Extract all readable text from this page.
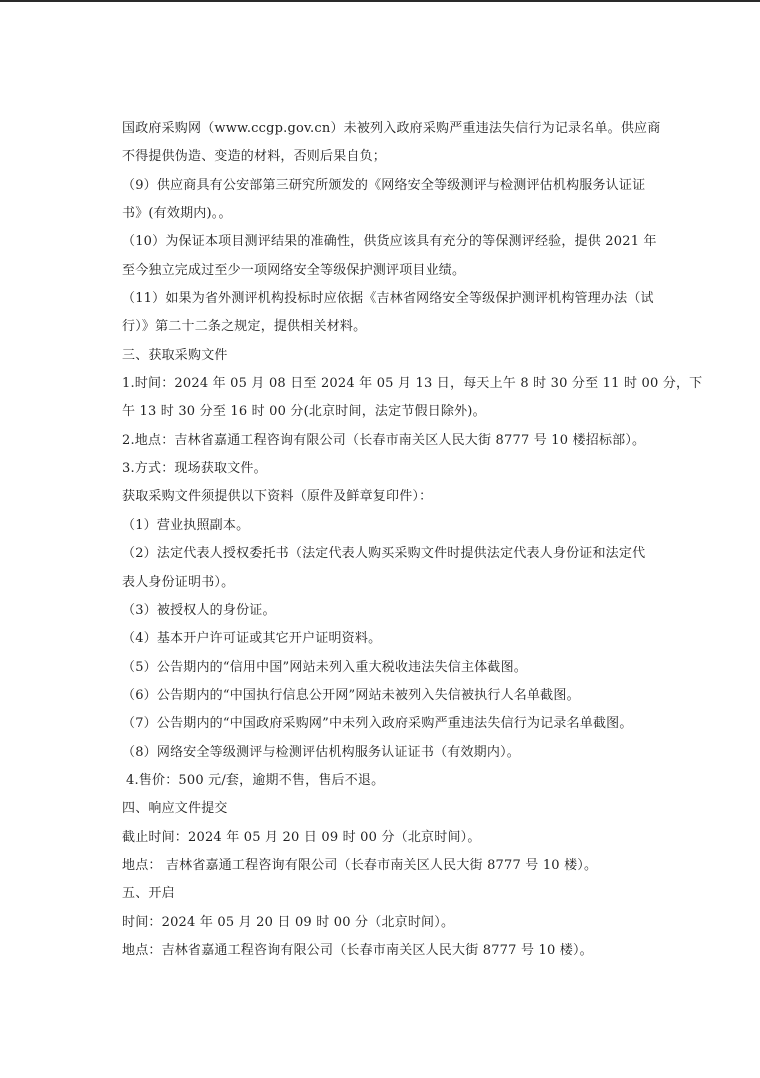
国政府采购网（www.ccgp.gov.cn）未被列入政府采购严重违法失信行为记录名单。供应商
不得提供伪造、变造的材料，否则后果自负；
（9）供应商具有公安部第三研究所颁发的《网络安全等级测评与检测评估机构服务认证证
书》(有效期内)。。
（10）为保证本项目测评结果的准确性，供货应该具有充分的等保测评经验，提供 2021 年
至今独立完成过至少一项网络安全等级保护测评项目业绩。
（11）如果为省外测评机构投标时应依据《吉林省网络安全等级保护测评机构管理办法（试
行）》第二十二条之规定，提供相关材料。
三、获取采购文件
1.时间：2024 年 05 月 08 日至 2024 年 05 月 13 日，每天上午 8 时 30 分至 11 时 00 分，下
午 13 时 30 分至 16 时 00 分(北京时间，法定节假日除外)。
2.地点：吉林省嘉通工程咨询有限公司（长春市南关区人民大街 8777 号 10 楼招标部）。
3.方式：现场获取文件。
获取采购文件须提供以下资料（原件及鲜章复印件）：
（1）营业执照副本。
（2）法定代表人授权委托书（法定代表人购买采购文件时提供法定代表人身份证和法定代
表人身份证明书）。
（3）被授权人的身份证。
（4）基本开户许可证或其它开户证明资料。
（5）公告期内的“信用中国”网站未列入重大税收违法失信主体截图。
（6）公告期内的“中国执行信息公开网”网站未被列入失信被执行人名单截图。
（7）公告期内的“中国政府采购网”中未列入政府采购严重违法失信行为记录名单截图。
（8）网络安全等级测评与检测评估机构服务认证证书（有效期内）。
4.售价：500 元/套，逾期不售，售后不退。
四、响应文件提交
截止时间：2024 年 05 月 20 日 09 时 00 分（北京时间）。
地点： 吉林省嘉通工程咨询有限公司（长春市南关区人民大街 8777 号 10 楼）。
五、开启
时间：2024 年 05 月 20 日 09 时 00 分（北京时间）。
地点：吉林省嘉通工程咨询有限公司（长春市南关区人民大街 8777 号 10 楼）。
